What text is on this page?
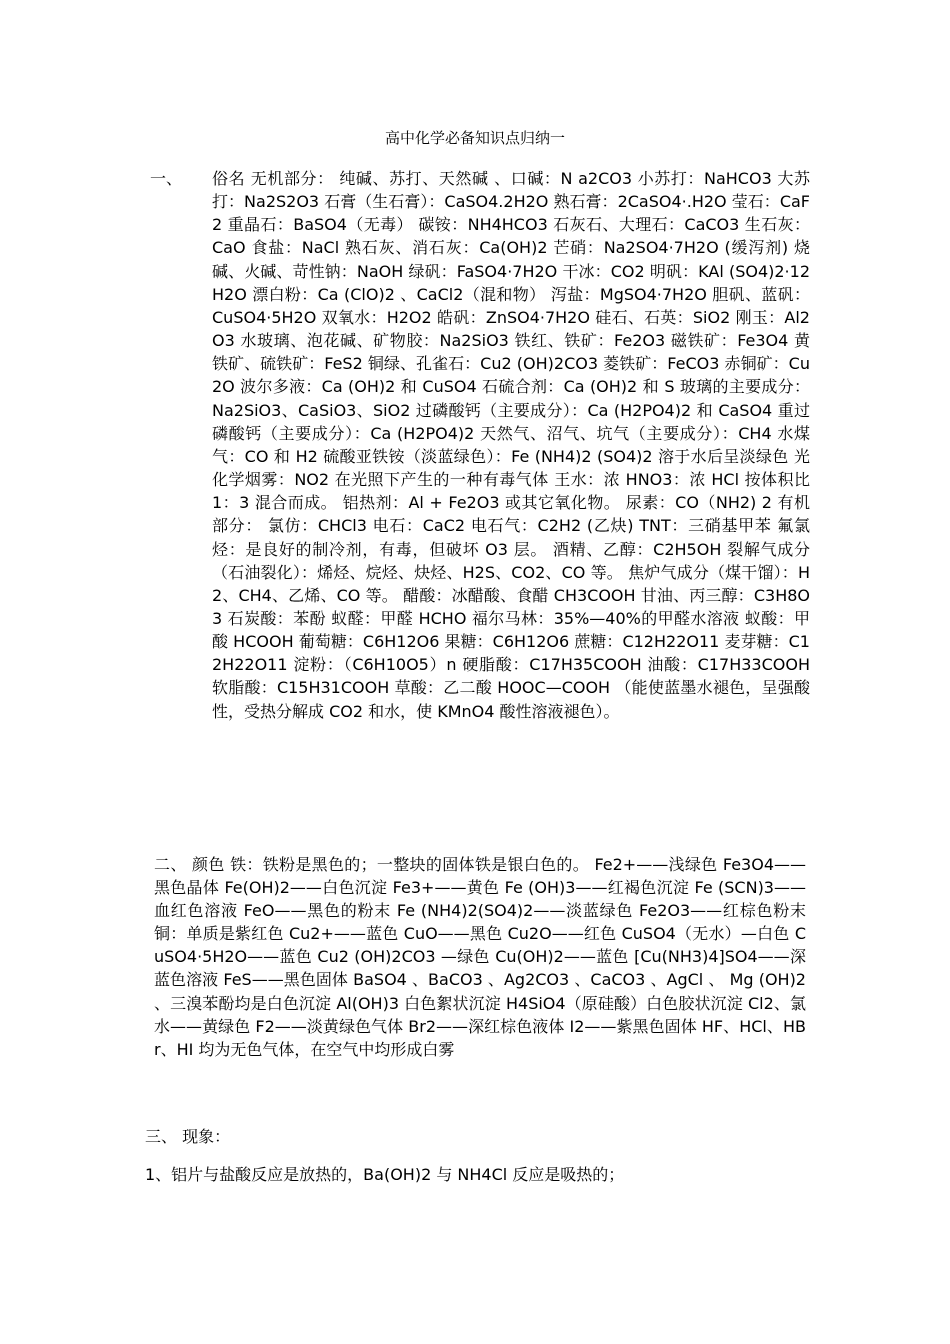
高中化学必备知识点归纳一
一、	俗名 无机部分： 纯碱、苏打、天然碱 、口碱：N a2CO3 小苏打：NaHCO3 大苏打：Na2S2O3 石膏（生石膏）：CaSO4.2H2O 熟石膏：2CaSO4·.H2O 莹石：CaF2 重晶石：BaSO4（无毒） 碳铵：NH4HCO3 石灰石、大理石：CaCO3 生石灰：CaO 食盐：NaCl 熟石灰、消石灰：Ca(OH)2 芒硝：Na2SO4·7H2O (缓泻剂) 烧碱、火碱、苛性钠：NaOH 绿矾：FaSO4·7H2O 干冰：CO2 明矾：KAl (SO4)2·12H2O 漂白粉：Ca (ClO)2 、CaCl2（混和物） 泻盐：MgSO4·7H2O 胆矾、蓝矾：CuSO4·5H2O 双氧水：H2O2 皓矾：ZnSO4·7H2O 硅石、石英：SiO2 刚玉：Al2O3 水玻璃、泡花碱、矿物胶：Na2SiO3 铁红、铁矿：Fe2O3 磁铁矿：Fe3O4 黄铁矿、硫铁矿：FeS2 铜绿、孔雀石：Cu2 (OH)2CO3 菱铁矿：FeCO3 赤铜矿：Cu2O 波尔多液：Ca (OH)2 和 CuSO4 石硫合剂：Ca (OH)2 和 S 玻璃的主要成分：Na2SiO3、CaSiO3、SiO2 过磷酸钙（主要成分）：Ca (H2PO4)2 和 CaSO4 重过磷酸钙（主要成分）：Ca (H2PO4)2 天然气、沼气、坑气（主要成分）：CH4 水煤气：CO 和 H2 硫酸亚铁铵（淡蓝绿色）：Fe (NH4)2 (SO4)2 溶于水后呈淡绿色 光化学烟雾：NO2 在光照下产生的一种有毒气体 王水：浓 HNO3：浓 HCl 按体积比 1：3 混合而成。 铝热剂：Al + Fe2O3 或其它氧化物。 尿素：CO（NH2) 2 有机部分： 氯仿：CHCl3 电石：CaC2 电石气：C2H2 (乙炔) TNT：三硝基甲苯 氟氯烃：是良好的制冷剂，有毒，但破坏 O3 层。 酒精、乙醇：C2H5OH 裂解气成分（石油裂化）：烯烃、烷烃、炔烃、H2S、CO2、CO 等。 焦炉气成分（煤干馏）：H2、CH4、乙烯、CO 等。 醋酸：冰醋酸、食醋 CH3COOH 甘油、丙三醇：C3H8O3 石炭酸：苯酚 蚁醛：甲醛 HCHO 福尔马林：35%—40%的甲醛水溶液 蚁酸：甲酸 HCOOH 葡萄糖：C6H12O6 果糖：C6H12O6 蔗糖：C12H22O11 麦芽糖：C12H22O11 淀粉：（C6H10O5）n 硬脂酸：C17H35COOH 油酸：C17H33COOH 软脂酸：C15H31COOH 草酸：乙二酸 HOOC—COOH （能使蓝墨水褪色，呈强酸性，受热分解成 CO2 和水，使 KMnO4 酸性溶液褪色）。
二、 颜色 铁：铁粉是黑色的；一整块的固体铁是银白色的。 Fe2+——浅绿色 Fe3O4——黑色晶体 Fe(OH)2——白色沉淀 Fe3+——黄色 Fe (OH)3——红褐色沉淀 Fe (SCN)3——血红色溶液 FeO——黑色的粉末 Fe (NH4)2(SO4)2——淡蓝绿色 Fe2O3——红棕色粉末 铜：单质是紫红色 Cu2+——蓝色 CuO——黑色 Cu2O——红色 CuSO4（无水）—白色 CuSO4·5H2O——蓝色 Cu2 (OH)2CO3 —绿色 Cu(OH)2——蓝色 [Cu(NH3)4]SO4——深蓝色溶液 FeS——黑色固体 BaSO4 、BaCO3 、Ag2CO3 、CaCO3 、AgCl 、 Mg (OH)2 、三溴苯酚均是白色沉淀 Al(OH)3 白色絮状沉淀 H4SiO4（原硅酸）白色胶状沉淀 Cl2、氯水——黄绿色 F2——淡黄绿色气体 Br2——深红棕色液体 I2——紫黑色固体 HF、HCl、HBr、HI 均为无色气体，在空气中均形成白雾
三、 现象：
1、铝片与盐酸反应是放热的，Ba(OH)2 与 NH4Cl 反应是吸热的；
